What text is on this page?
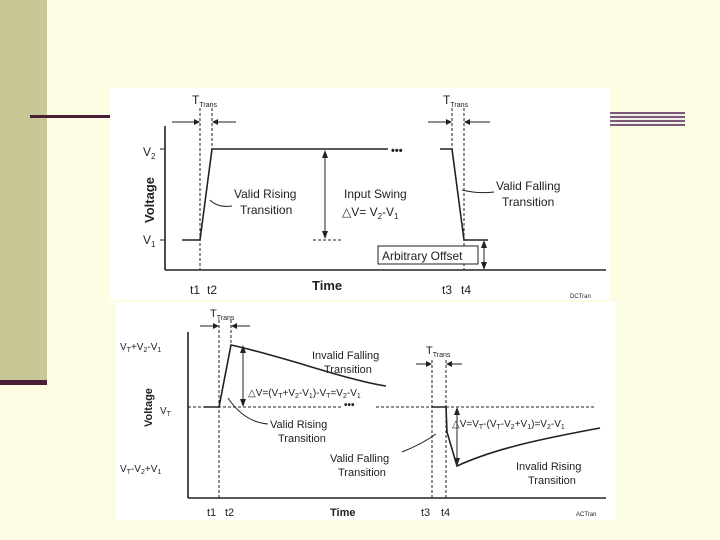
Voltage
Time
$V_2$
$V_1$
•••
$T_{Trans}$	$T_{Trans}$
Input Swing
△V= $V_2-V_1$
Valid Rising Transition
Valid Falling Transition
Arbitrary Offset
t1 t2	t3 t4	DCTran
Voltage
Time
$V_T+V_2-V_1$
$V_T$
$V_T-V_2+V_1$
•••
$T_{Trans}$
$T_{Trans}$
Invalid Falling Transition
$\triangle V=(V_T+V_2-V_1)-V_T=V_2-V_1$
Valid Rising Transition
$\triangle V=V_T-(V_T-V_2+V_1)=V_2-V_1$
Valid Falling Transition	Invalid Rising Transition
t1 t2	t3 t4	ACTran
